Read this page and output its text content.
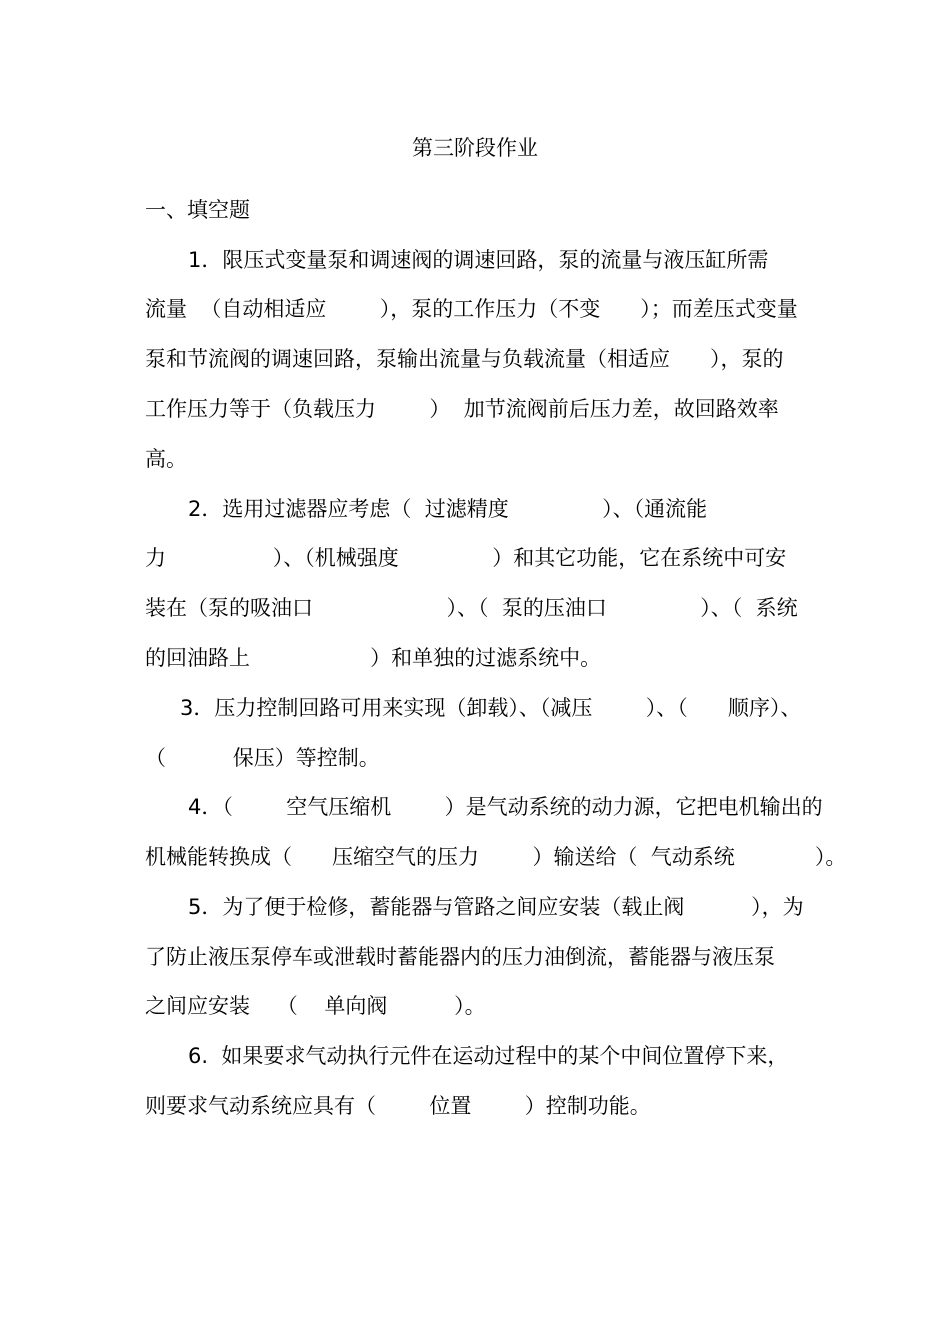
第三阶段作业
一、填空题
1．限压式变量泵和调速阀的调速回路，泵的流量与液压缸所需
流量  （自动相适应        ），泵的工作压力（不变      ）；而差压式变量
泵和节流阀的调速回路，泵输出流量与负载流量（相适应      ），泵的
工作压力等于（负载压力        ）  加节流阀前后压力差，故回路效率
高。
2．选用过滤器应考虑（  过滤精度              ）、（通流能
力                ）、（机械强度              ）和其它功能，它在系统中可安
装在（泵的吸油口                    ）、（  泵的压油口              ）、（  系统
的回油路上                  ）和单独的过滤系统中。
3．压力控制回路可用来实现（卸载）、（减压        ）、（      顺序）、
（          保压）等控制。
4．（        空气压缩机        ）是气动系统的动力源，它把电机输出的
机械能转换成（      压缩空气的压力        ）输送给（  气动系统            ）。
5．为了便于检修，蓄能器与管路之间应安装（载止阀          ），为
了防止液压泵停车或泄载时蓄能器内的压力油倒流，蓄能器与液压泵
之间应安装    （    单向阀          ）。
6.  如果要求气动执行元件在运动过程中的某个中间位置停下来，
则要求气动系统应具有（        位置        ）控制功能。
